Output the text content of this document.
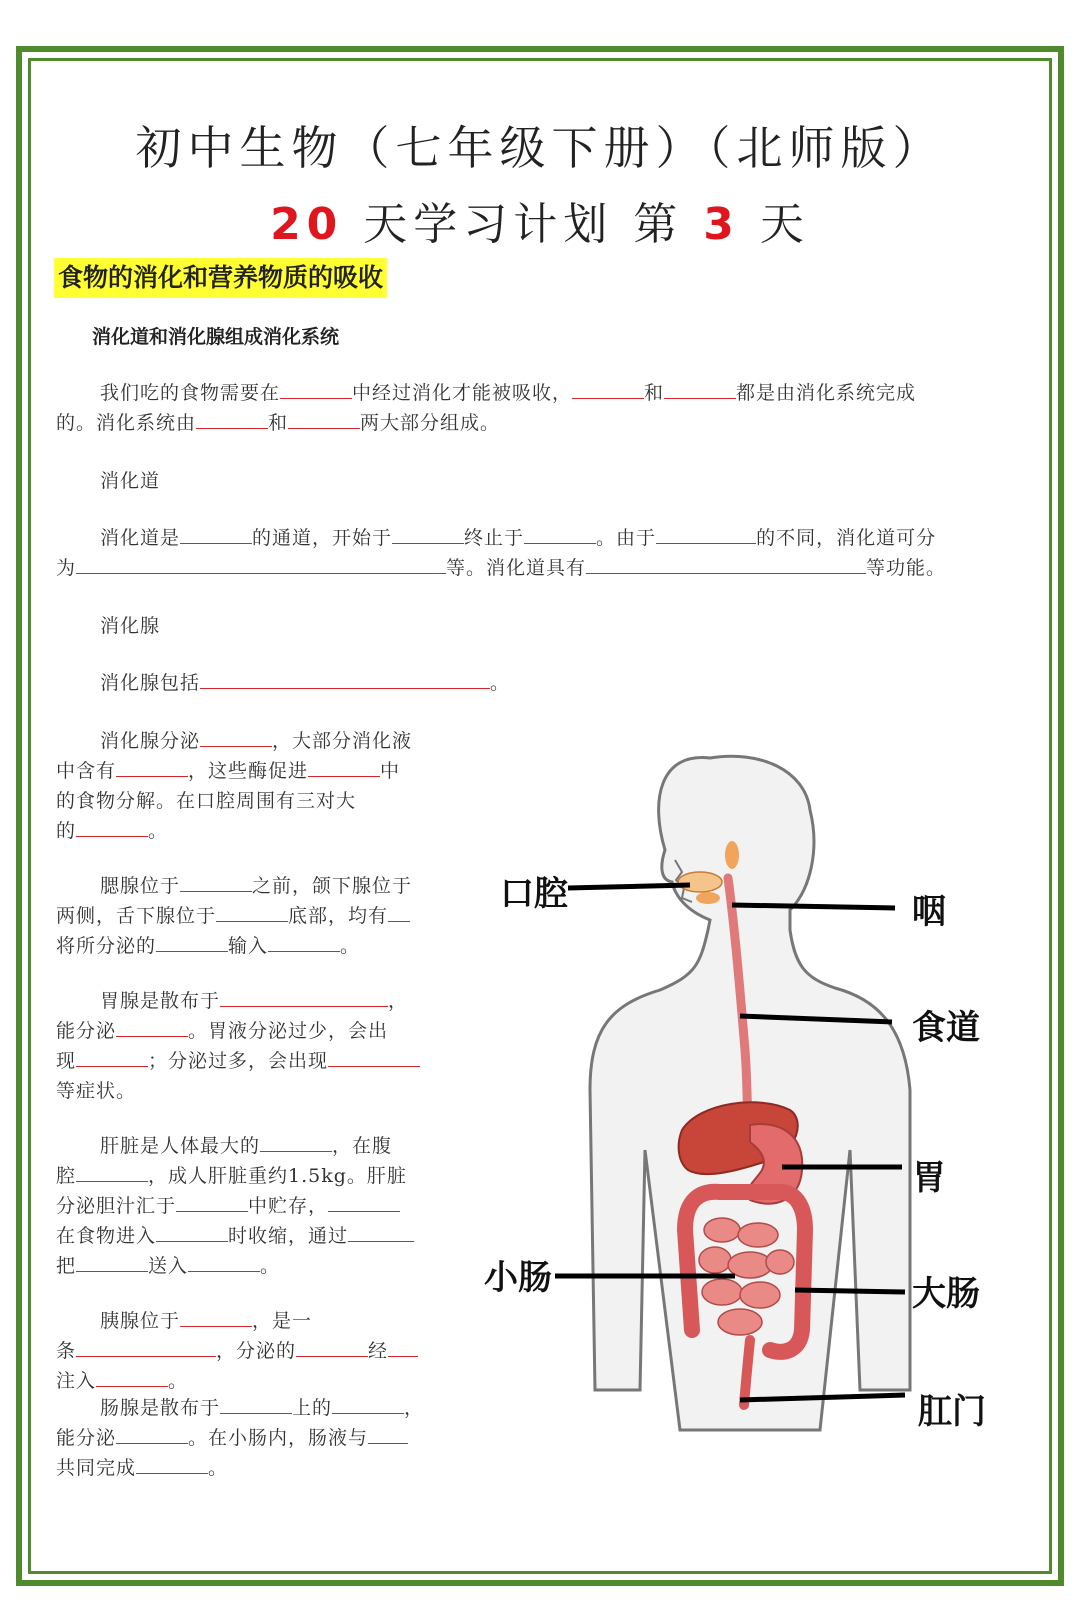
初中生物（七年级下册）（北师版）
20 天学习计划 第 3 天
食物的消化和营养物质的吸收
消化道和消化腺组成消化系统
我们吃的食物需要在	中经过消化才能被吸收，	和	都是由消化系统完成
的。消化系统由	和	两大部分组成。
消化道
消化道是	的通道，开始于	终止于	。由于	的不同，消化道可分
为	等。消化道具有	等功能。
消化腺
消化腺包括	。
消化腺分泌	，大部分消化液
中含有	，这些酶促进	中
的食物分解。在口腔周围有三对大
的	。
腮腺位于	之前，颌下腺位于
两侧，舌下腺位于	底部，均有
将所分泌的	输入	。
胃腺是散布于	，
能分泌	。胃液分泌过少，会出
现	；分泌过多，会出现
等症状。
肝脏是人体最大的	，在腹
腔	，成人肝脏重约1.5kg。肝脏
分泌胆汁汇于	中贮存，
在食物进入	时收缩，通过
把	送入	。
胰腺位于	，是一
条	，分泌的	经
注入	。
肠腺是散布于	上的	，
能分泌	。在小肠内，肠液与
共同完成	。
口腔	咽
食道
胃
小肠	大肠
肛门
